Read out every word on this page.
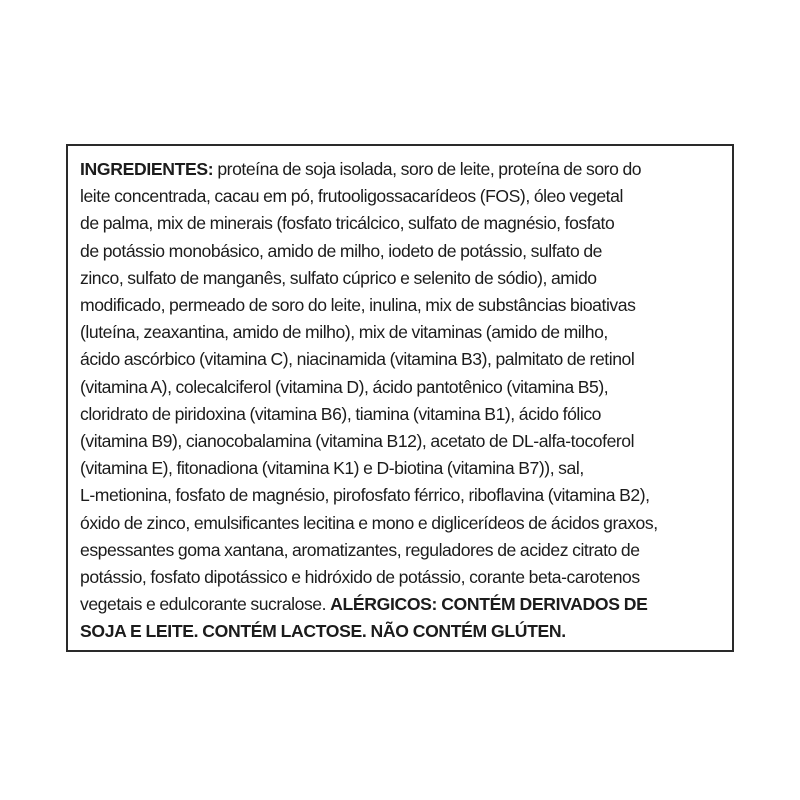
INGREDIENTES: proteína de soja isolada, soro de leite, proteína de soro do
leite concentrada, cacau em pó, frutooligossacarídeos (FOS), óleo vegetal
de palma, mix de minerais (fosfato tricálcico, sulfato de magnésio, fosfato
de potássio monobásico, amido de milho, iodeto de potássio, sulfato de
zinco, sulfato de manganês, sulfato cúprico e selenito de sódio), amido
modificado, permeado de soro do leite, inulina, mix de substâncias bioativas
(luteína, zeaxantina, amido de milho), mix de vitaminas (amido de milho,
ácido ascórbico (vitamina C), niacinamida (vitamina B3), palmitato de retinol
(vitamina A), colecalciferol (vitamina D), ácido pantotênico (vitamina B5),
cloridrato de piridoxina (vitamina B6), tiamina (vitamina B1), ácido fólico
(vitamina B9), cianocobalamina (vitamina B12), acetato de DL-alfa-tocoferol
(vitamina E), fitonadiona (vitamina K1) e D-biotina (vitamina B7)), sal,
L-metionina, fosfato de magnésio, pirofosfato férrico, riboflavina (vitamina B2),
óxido de zinco, emulsificantes lecitina e mono e diglicerídeos de ácidos graxos,
espessantes goma xantana, aromatizantes, reguladores de acidez citrato de
potássio, fosfato dipotássico e hidróxido de potássio, corante beta-carotenos
vegetais e edulcorante sucralose. ALÉRGICOS: CONTÉM DERIVADOS DE
SOJA E LEITE. CONTÉM LACTOSE. NÃO CONTÉM GLÚTEN.
